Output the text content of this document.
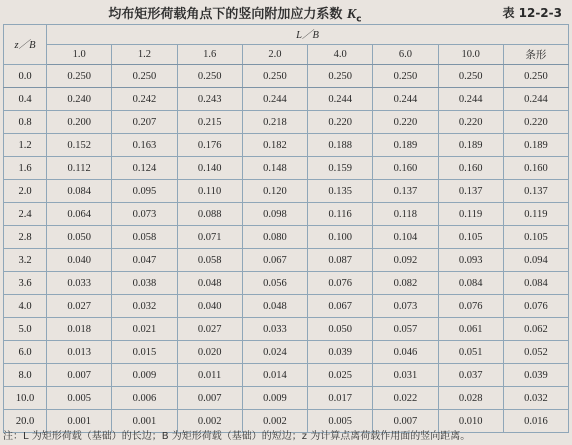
均布矩形荷载角点下的竖向附加应力系数 $K_c$	表 12-2-3
z／B	L／B							
	1.0	1.2	1.6	2.0	4.0	6.0	10.0	条形
0.0	0.250	0.250	0.250	0.250	0.250	0.250	0.250	0.250
0.4	0.240	0.242	0.243	0.244	0.244	0.244	0.244	0.244
0.8	0.200	0.207	0.215	0.218	0.220	0.220	0.220	0.220
1.2	0.152	0.163	0.176	0.182	0.188	0.189	0.189	0.189
1.6	0.112	0.124	0.140	0.148	0.159	0.160	0.160	0.160
2.0	0.084	0.095	0.110	0.120	0.135	0.137	0.137	0.137
2.4	0.064	0.073	0.088	0.098	0.116	0.118	0.119	0.119
2.8	0.050	0.058	0.071	0.080	0.100	0.104	0.105	0.105
3.2	0.040	0.047	0.058	0.067	0.087	0.092	0.093	0.094
3.6	0.033	0.038	0.048	0.056	0.076	0.082	0.084	0.084
4.0	0.027	0.032	0.040	0.048	0.067	0.073	0.076	0.076
5.0	0.018	0.021	0.027	0.033	0.050	0.057	0.061	0.062
6.0	0.013	0.015	0.020	0.024	0.039	0.046	0.051	0.052
8.0	0.007	0.009	0.011	0.014	0.025	0.031	0.037	0.039
10.0	0.005	0.006	0.007	0.009	0.017	0.022	0.028	0.032
20.0	0.001	0.001	0.002	0.002	0.005	0.007	0.010	0.016
注：L 为矩形荷载（基础）的长边；B 为矩形荷载（基础）的短边；z 为计算点离荷载作用面的竖向距离。
